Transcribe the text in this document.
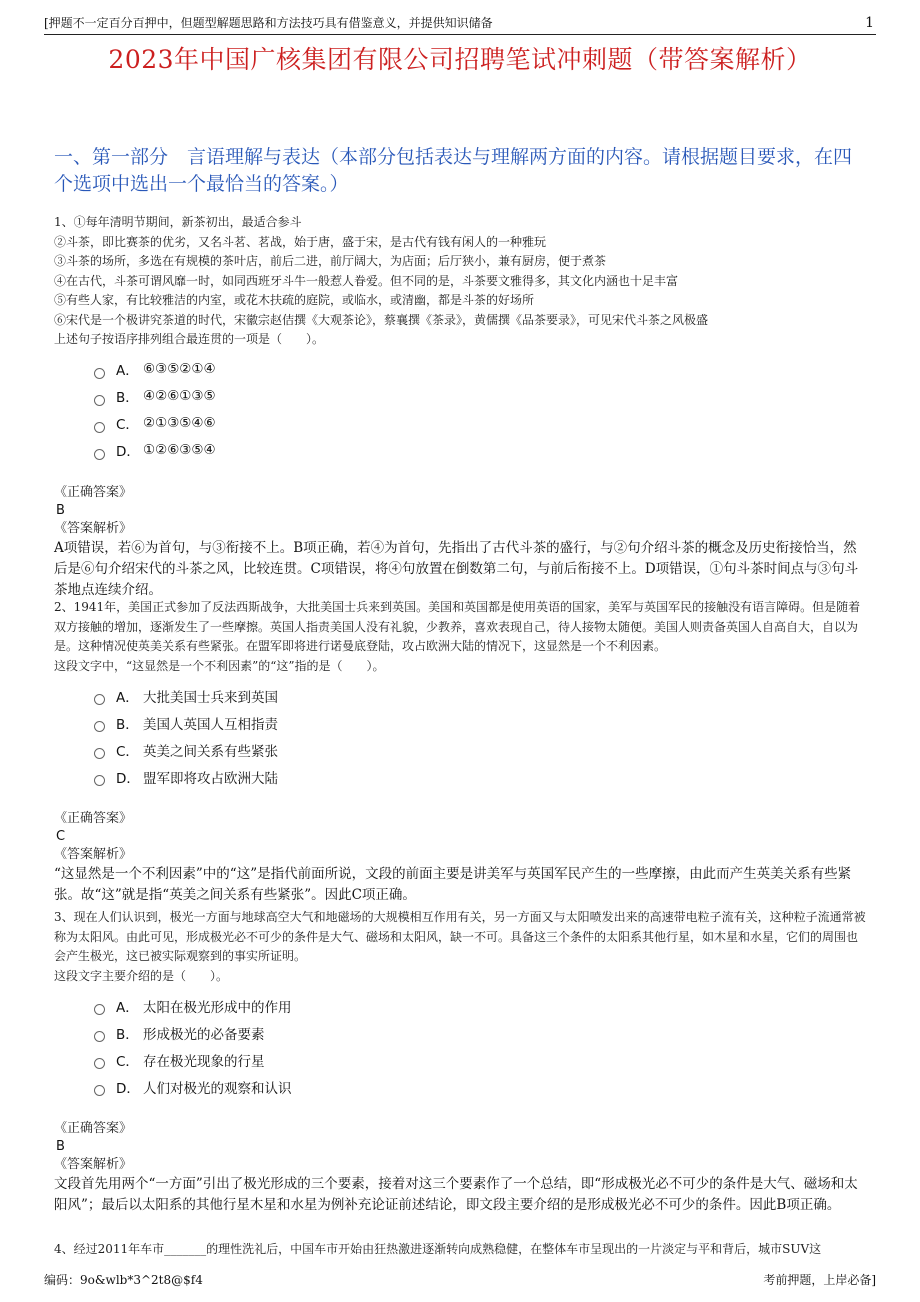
[押题不一定百分百押中，但题型解题思路和方法技巧具有借鉴意义，并提供知识储备	1
2023年中国广核集团有限公司招聘笔试冲刺题（带答案解析）
一、第一部分　言语理解与表达（本部分包括表达与理解两方面的内容。请根据题目要求，在四个选项中选出一个最恰当的答案。）

1、①每年清明节期间，新茶初出，最适合参斗

②斗茶，即比赛茶的优劣，又名斗茗、茗战，始于唐，盛于宋，是古代有钱有闲人的一种雅玩

③斗茶的场所，多选在有规模的茶叶店，前后二进，前厅阔大，为店面；后厅狭小，兼有厨房，便于煮茶

④在古代，斗茶可谓风靡一时，如同西班牙斗牛一般惹人眷爱。但不同的是，斗茶要文雅得多，其文化内涵也十足丰富

⑤有些人家，有比较雅洁的内室，或花木扶疏的庭院，或临水，或清幽，都是斗茶的好场所

⑥宋代是一个极讲究茶道的时代，宋徽宗赵佶撰《大观茶论》，蔡襄撰《茶录》，黄儒撰《品茶要录》，可见宋代斗茶之风极盛

上述句子按语序排列组合最连贯的一项是（　　）。

A． ⑥③⑤②①④
B． ④②⑥①③⑤
C． ②①③⑤④⑥
D． ①②⑥③⑤④

《正确答案》

B

《答案解析》

A项错误，若⑥为首句，与③衔接不上。B项正确，若④为首句，先指出了古代斗茶的盛行，与②句介绍斗茶的概念及历史衔接恰当，然后是⑥句介绍宋代的斗茶之风，比较连贯。C项错误，将④句放置在倒数第二句，与前后衔接不上。D项错误，①句斗茶时间点与③句斗茶地点连续介绍。

2、1941年，美国正式参加了反法西斯战争，大批美国士兵来到英国。美国和英国都是使用英语的国家，美军与英国军民的接触没有语言障碍。但是随着双方接触的增加，逐渐发生了一些摩擦。英国人指责美国人没有礼貌，少教养，喜欢表现自己，待人接物太随便。美国人则责备英国人自高自大，自以为是。这种情况使英美关系有些紧张。在盟军即将进行诺曼底登陆，攻占欧洲大陆的情况下，这显然是一个不利因素。

这段文字中，“这显然是一个不利因素”的“这”指的是（　　）。

A． 大批美国士兵来到英国
B． 美国人英国人互相指责
C． 英美之间关系有些紧张
D． 盟军即将攻占欧洲大陆

《正确答案》

C

《答案解析》

“这显然是一个不利因素”中的“这”是指代前面所说，文段的前面主要是讲美军与英国军民产生的一些摩擦，由此而产生英美关系有些紧张。故“这”就是指“英美之间关系有些紧张”。因此C项正确。

3、现在人们认识到，极光一方面与地球高空大气和地磁场的大规模相互作用有关，另一方面又与太阳喷发出来的高速带电粒子流有关，这种粒子流通常被称为太阳风。由此可见，形成极光必不可少的条件是大气、磁场和太阳风，缺一不可。具备这三个条件的太阳系其他行星，如木星和水星，它们的周围也会产生极光，这已被实际观察到的事实所证明。

这段文字主要介绍的是（　　）。

A． 太阳在极光形成中的作用
B． 形成极光的必备要素
C． 存在极光现象的行星
D． 人们对极光的观察和认识

《正确答案》

B

《答案解析》

文段首先用两个“一方面”引出了极光形成的三个要素，接着对这三个要素作了一个总结，即“形成极光必不可少的条件是大气、磁场和太阳风”；最后以太阳系的其他行星木星和水星为例补充论证前述结论，即文段主要介绍的是形成极光必不可少的条件。因此B项正确。

4、经过2011年车市_______的理性洗礼后，中国车市开始由狂热激进逐渐转向成熟稳健，在整体车市呈现出的一片淡定与平和背后，城市SUV这
编码：9o&wlb*3^2t8@$f4	考前押题，上岸必备]
